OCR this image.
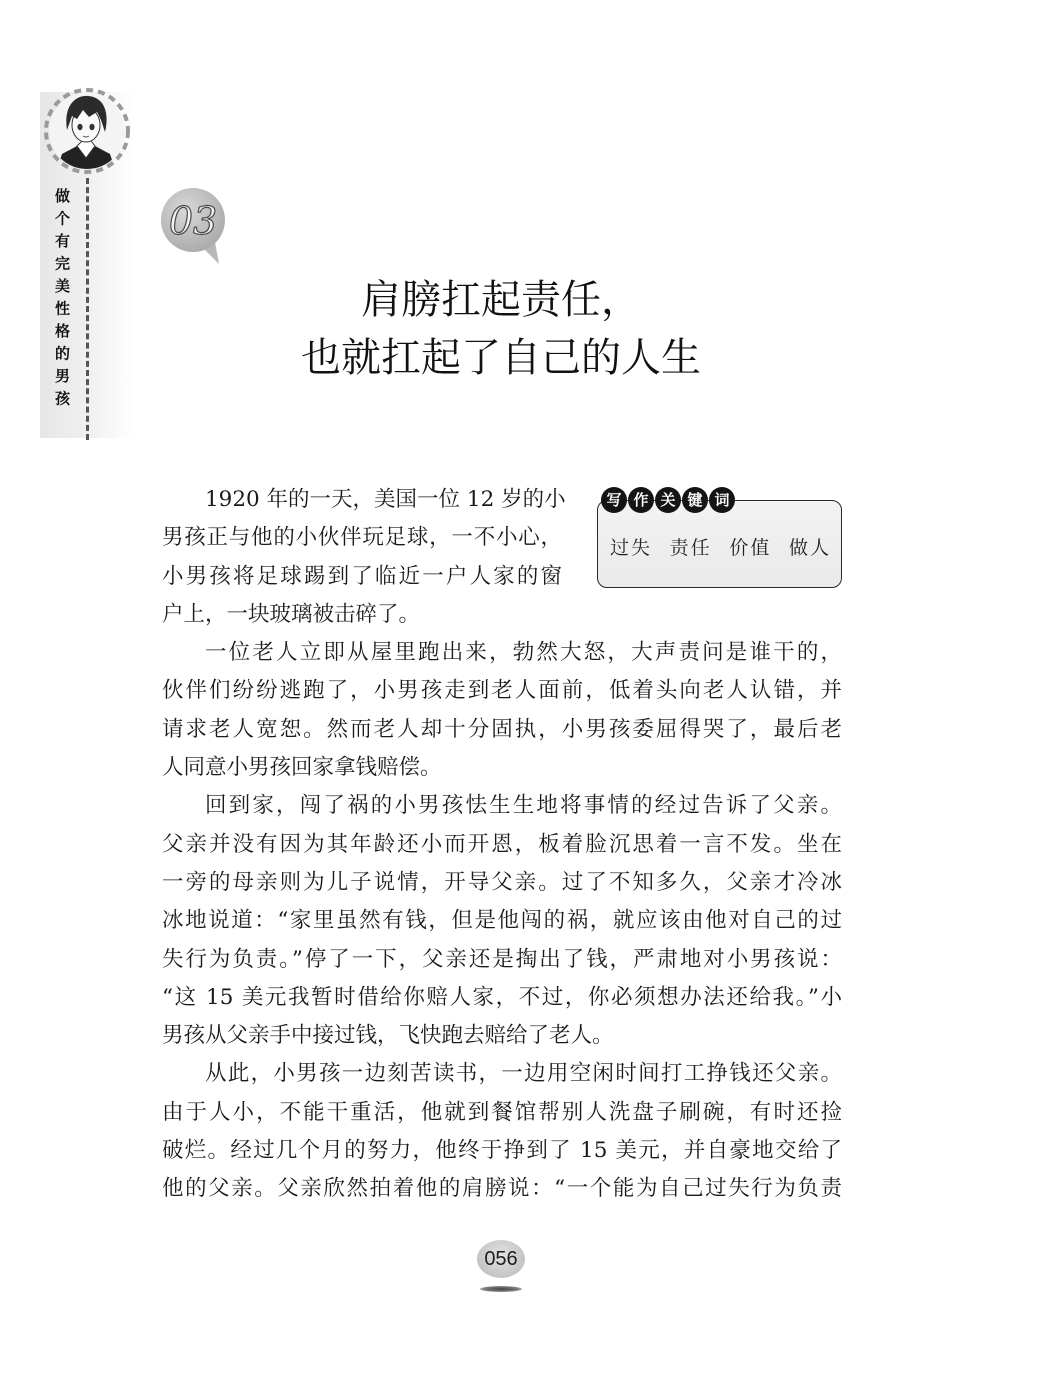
做个有完美性格的男孩	03
肩膀扛起责任，
也就扛起了自己的人生
写 作 关 键 词
过失 责任 价值 做人
1920 年的一天，美国一位 12 岁的小
男孩正与他的小伙伴玩足球，一不小心，
小男孩将足球踢到了临近一户人家的窗
户上，一块玻璃被击碎了。
一位老人立即从屋里跑出来，勃然大怒，大声责问是谁干的，
伙伴们纷纷逃跑了，小男孩走到老人面前，低着头向老人认错，并
请求老人宽恕。然而老人却十分固执，小男孩委屈得哭了，最后老
人同意小男孩回家拿钱赔偿。
回到家，闯了祸的小男孩怯生生地将事情的经过告诉了父亲。
父亲并没有因为其年龄还小而开恩，板着脸沉思着一言不发。坐在
一旁的母亲则为儿子说情，开导父亲。过了不知多久，父亲才冷冰
冰地说道：“家里虽然有钱，但是他闯的祸，就应该由他对自己的过
失行为负责。”停了一下，父亲还是掏出了钱，严肃地对小男孩说：
“这 15 美元我暂时借给你赔人家，不过，你必须想办法还给我。”小
男孩从父亲手中接过钱，飞快跑去赔给了老人。
从此，小男孩一边刻苦读书，一边用空闲时间打工挣钱还父亲。
由于人小，不能干重活，他就到餐馆帮别人洗盘子刷碗，有时还捡
破烂。经过几个月的努力，他终于挣到了 15 美元，并自豪地交给了
他的父亲。父亲欣然拍着他的肩膀说：“一个能为自己过失行为负责
056
